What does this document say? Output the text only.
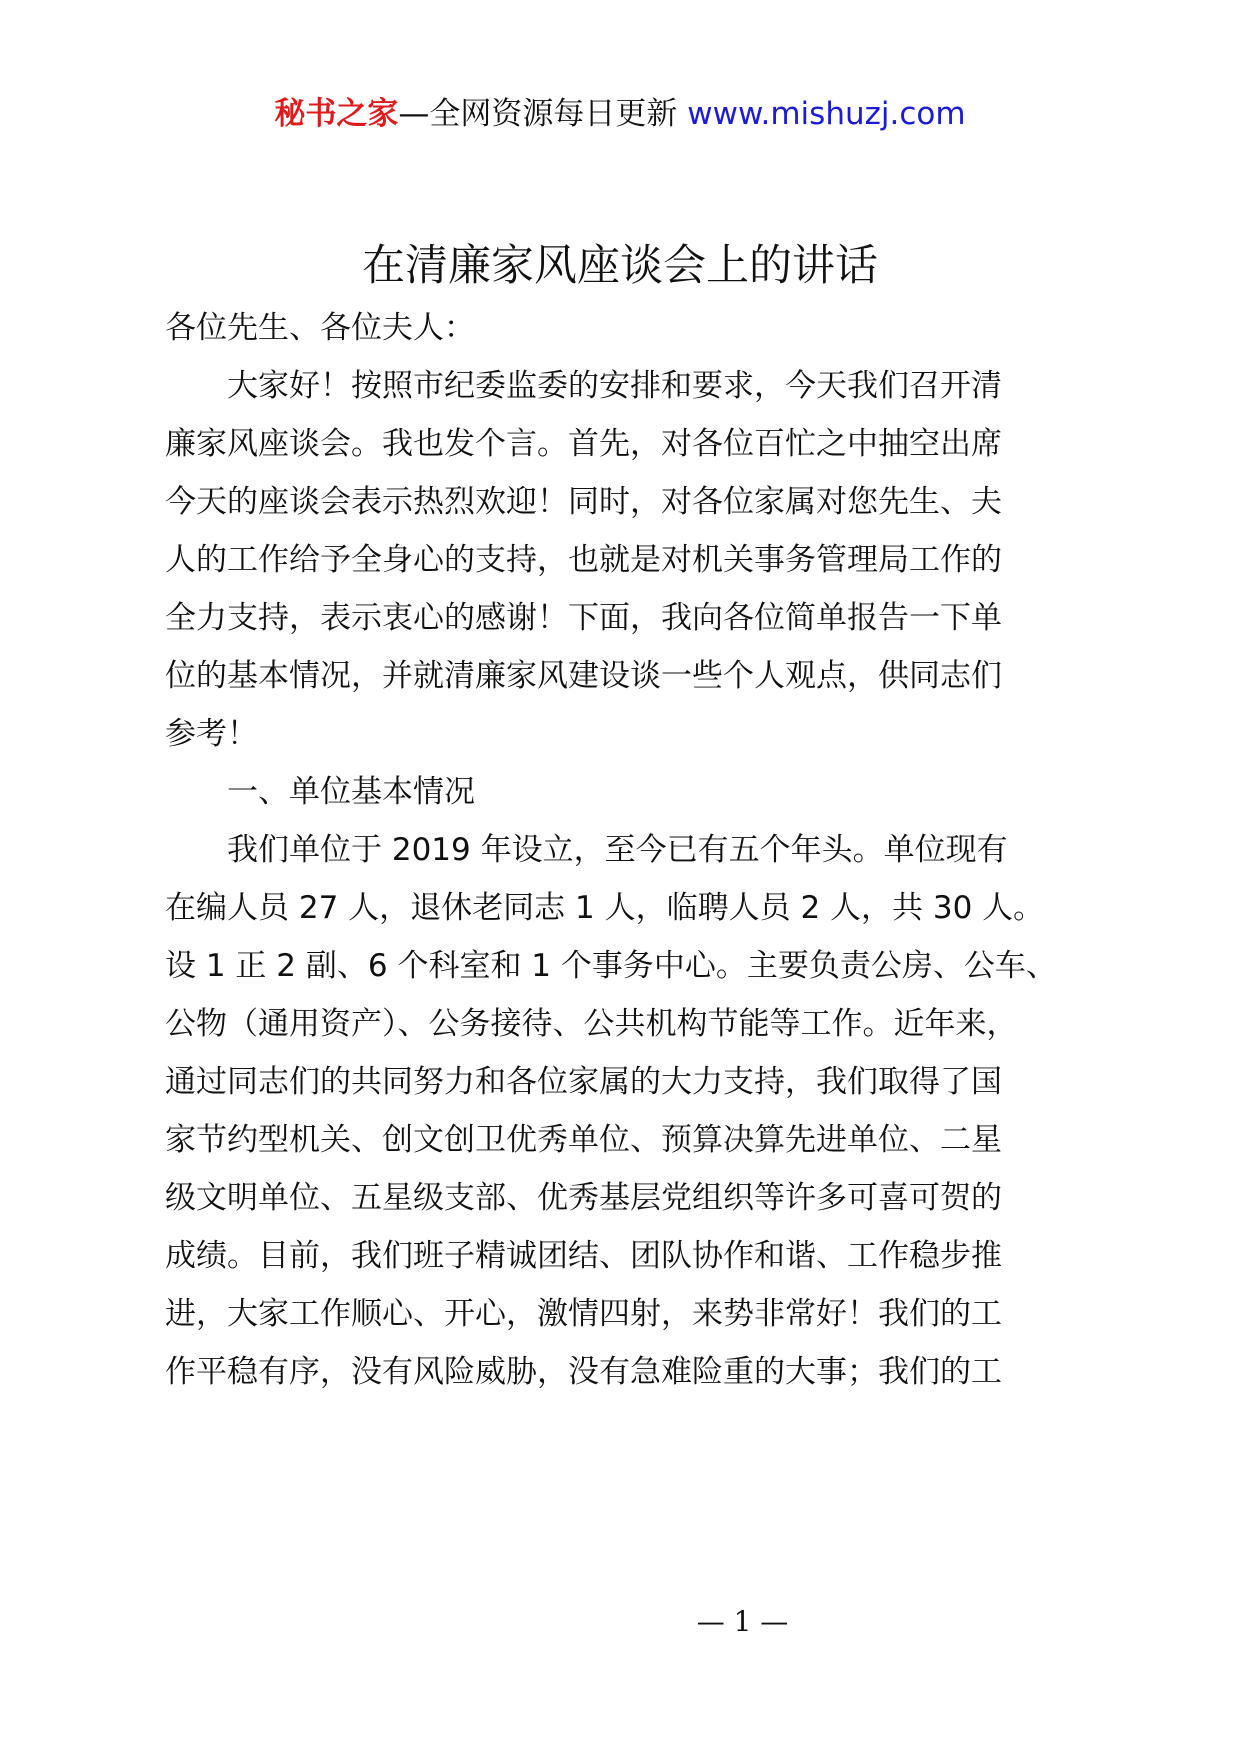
秘书之家—全网资源每日更新 www.mishuzj.com
在清廉家风座谈会上的讲话
各位先生、各位夫人：
　　大家好！按照市纪委监委的安排和要求，今天我们召开清
廉家风座谈会。我也发个言。首先，对各位百忙之中抽空出席
今天的座谈会表示热烈欢迎！同时，对各位家属对您先生、夫
人的工作给予全身心的支持，也就是对机关事务管理局工作的
全力支持，表示衷心的感谢！下面，我向各位简单报告一下单
位的基本情况，并就清廉家风建设谈一些个人观点，供同志们
参考！
　　一、单位基本情况
　　我们单位于 2019 年设立，至今已有五个年头。单位现有
在编人员 27 人，退休老同志 1 人，临聘人员 2 人，共 30 人。
设 1 正 2 副、6 个科室和 1 个事务中心。主要负责公房、公车、
公物（通用资产）、公务接待、公共机构节能等工作。近年来，
通过同志们的共同努力和各位家属的大力支持，我们取得了国
家节约型机关、创文创卫优秀单位、预算决算先进单位、二星
级文明单位、五星级支部、优秀基层党组织等许多可喜可贺的
成绩。目前，我们班子精诚团结、团队协作和谐、工作稳步推
进，大家工作顺心、开心，激情四射，来势非常好！我们的工
作平稳有序，没有风险威胁，没有急难险重的大事；我们的工
— 1 —
